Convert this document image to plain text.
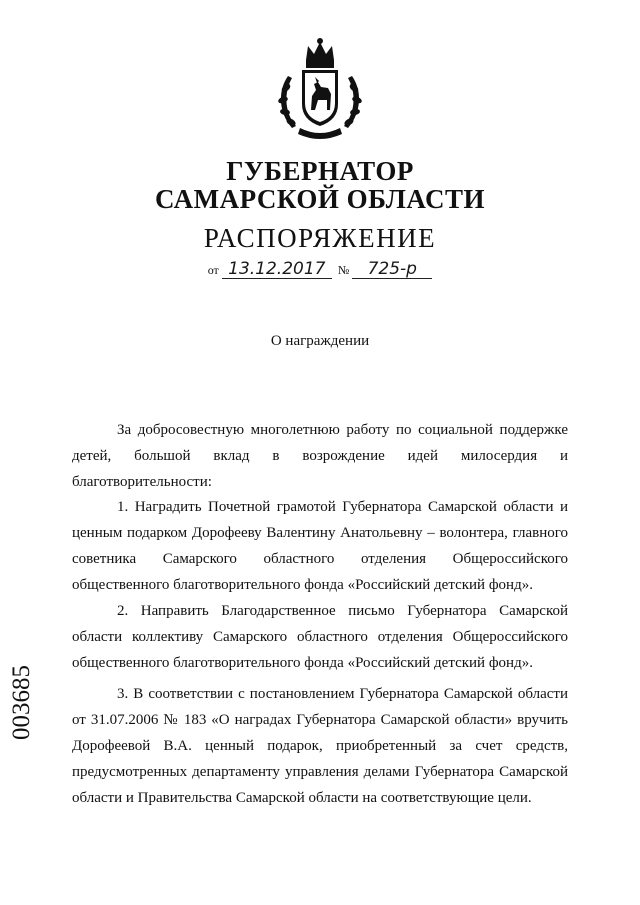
ГУБЕРНАТОР
САМАРСКОЙ ОБЛАСТИ
РАСПОРЯЖЕНИЕ
от 13.12.2017 № 725-р
О награждении
За добросовестную многолетнюю работу по социальной поддержке детей, большой вклад в возрождение идей милосердия и благотворительности:
1. Наградить Почетной грамотой Губернатора Самарской области и ценным подарком Дорофееву Валентину Анатольевну – волонтера, главного советника Самарского областного отделения Общероссийского общественного благотворительного фонда «Российский детский фонд».
2. Направить Благодарственное письмо Губернатора Самарской области коллективу Самарского областного отделения Общероссийского общественного благотворительного фонда «Российский детский фонд».
3. В соответствии с постановлением Губернатора Самарской области от 31.07.2006 № 183 «О наградах Губернатора Самарской области» вручить Дорофеевой В.А. ценный подарок, приобретенный за счет средств, предусмотренных департаменту управления делами Губернатора Самарской области и Правительства Самарской области на соответствующие цели.
003685
